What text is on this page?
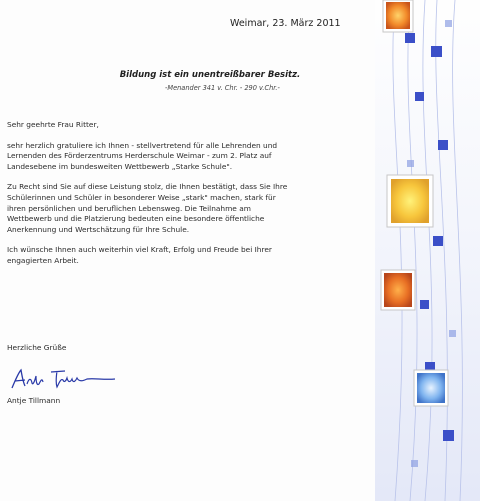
Weimar, 23. März 2011
Bildung ist ein unentreißbarer Besitz.
-Menander 341 v. Chr. - 290 v.Chr.-

Sehr geehrte Frau Ritter,

sehr herzlich gratuliere ich Ihnen - stellvertretend für alle Lehrenden und
Lernenden des Förderzentrums Herderschule Weimar - zum 2. Platz auf
Landesebene im bundesweiten Wettbewerb „Starke Schule".

Zu Recht sind Sie auf diese Leistung stolz, die Ihnen bestätigt, dass Sie Ihre
Schülerinnen und Schüler in besonderer Weise „stark" machen, stark für
ihren persönlichen und beruflichen Lebensweg. Die Teilnahme am
Wettbewerb und die Platzierung bedeuten eine besondere öffentliche
Anerkennung und Wertschätzung für Ihre Schule.

Ich wünsche Ihnen auch weiterhin viel Kraft, Erfolg und Freude bei Ihrer
engagierten Arbeit.

Herzliche Grüße
Antje Tillmann
